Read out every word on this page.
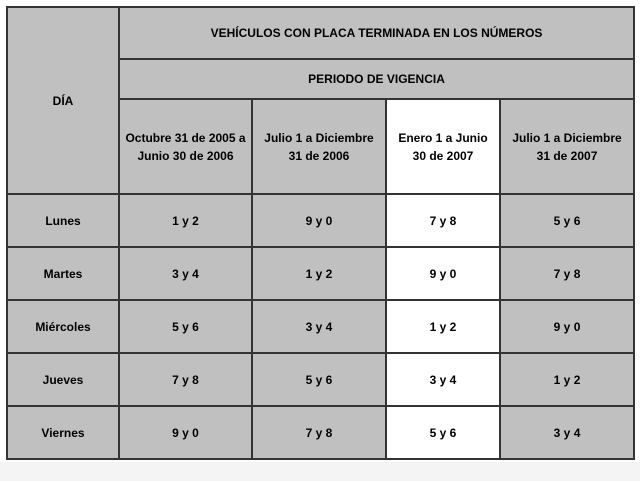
DÍA	VEHÍCULOS CON PLACA TERMINADA EN LOS NÚMEROS			
	PERIODO DE VIGENCIA			
	Octubre 31 de 2005 a Junio 30 de 2006	Julio 1 a Diciembre 31 de 2006	Enero 1 a Junio 30 de 2007	Julio 1 a Diciembre 31 de 2007
Lunes	1 y 2	9 y 0	7 y 8	5 y 6
Martes	3 y 4	1 y 2	9 y 0	7 y 8
Miércoles	5 y 6	3 y 4	1 y 2	9 y 0
Jueves	7 y 8	5 y 6	3 y 4	1 y 2
Viernes	9 y 0	7 y 8	5 y 6	3 y 4
